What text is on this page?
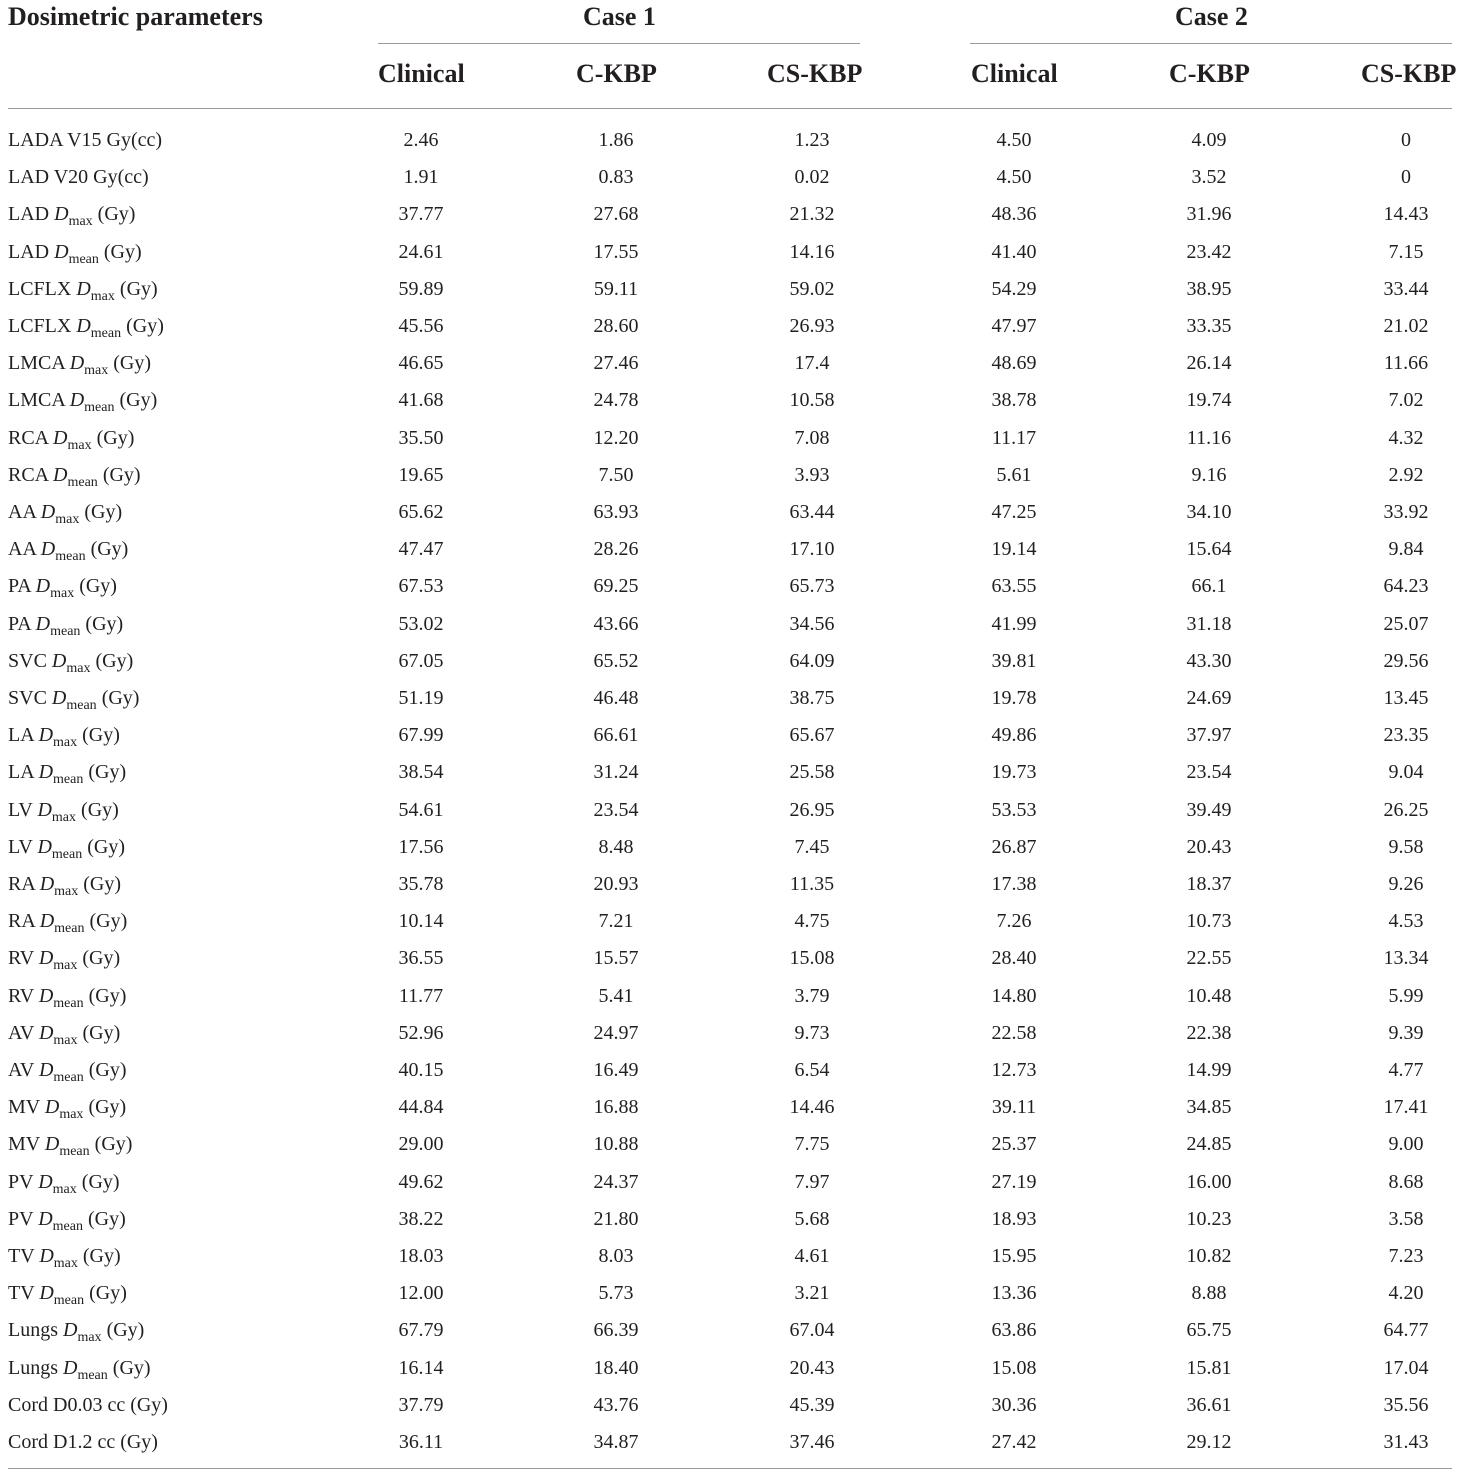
Dosimetric parameters	Case 1	Case 2
Clinical	C-KBP	CS-KBP	Clinical	C-KBP	CS-KBP
LADA V15 Gy(cc)	2.46	1.86	1.23	4.50	4.09	0
LAD V20 Gy(cc)	1.91	0.83	0.02	4.50	3.52	0
LAD $D_{max}$ (Gy)	37.77	27.68	21.32	48.36	31.96	14.43
LAD $D_{mean}$ (Gy)	24.61	17.55	14.16	41.40	23.42	7.15
LCFLX $D_{max}$ (Gy)	59.89	59.11	59.02	54.29	38.95	33.44
LCFLX $D_{mean}$ (Gy)	45.56	28.60	26.93	47.97	33.35	21.02
LMCA $D_{max}$ (Gy)	46.65	27.46	17.4	48.69	26.14	11.66
LMCA $D_{mean}$ (Gy)	41.68	24.78	10.58	38.78	19.74	7.02
RCA $D_{max}$ (Gy)	35.50	12.20	7.08	11.17	11.16	4.32
RCA $D_{mean}$ (Gy)	19.65	7.50	3.93	5.61	9.16	2.92
AA $D_{max}$ (Gy)	65.62	63.93	63.44	47.25	34.10	33.92
AA $D_{mean}$ (Gy)	47.47	28.26	17.10	19.14	15.64	9.84
PA $D_{max}$ (Gy)	67.53	69.25	65.73	63.55	66.1	64.23
PA $D_{mean}$ (Gy)	53.02	43.66	34.56	41.99	31.18	25.07
SVC $D_{max}$ (Gy)	67.05	65.52	64.09	39.81	43.30	29.56
SVC $D_{mean}$ (Gy)	51.19	46.48	38.75	19.78	24.69	13.45
LA $D_{max}$ (Gy)	67.99	66.61	65.67	49.86	37.97	23.35
LA $D_{mean}$ (Gy)	38.54	31.24	25.58	19.73	23.54	9.04
LV $D_{max}$ (Gy)	54.61	23.54	26.95	53.53	39.49	26.25
LV $D_{mean}$ (Gy)	17.56	8.48	7.45	26.87	20.43	9.58
RA $D_{max}$ (Gy)	35.78	20.93	11.35	17.38	18.37	9.26
RA $D_{mean}$ (Gy)	10.14	7.21	4.75	7.26	10.73	4.53
RV $D_{max}$ (Gy)	36.55	15.57	15.08	28.40	22.55	13.34
RV $D_{mean}$ (Gy)	11.77	5.41	3.79	14.80	10.48	5.99
AV $D_{max}$ (Gy)	52.96	24.97	9.73	22.58	22.38	9.39
AV $D_{mean}$ (Gy)	40.15	16.49	6.54	12.73	14.99	4.77
MV $D_{max}$ (Gy)	44.84	16.88	14.46	39.11	34.85	17.41
MV $D_{mean}$ (Gy)	29.00	10.88	7.75	25.37	24.85	9.00
PV $D_{max}$ (Gy)	49.62	24.37	7.97	27.19	16.00	8.68
PV $D_{mean}$ (Gy)	38.22	21.80	5.68	18.93	10.23	3.58
TV $D_{max}$ (Gy)	18.03	8.03	4.61	15.95	10.82	7.23
TV $D_{mean}$ (Gy)	12.00	5.73	3.21	13.36	8.88	4.20
Lungs $D_{max}$ (Gy)	67.79	66.39	67.04	63.86	65.75	64.77
Lungs $D_{mean}$ (Gy)	16.14	18.40	20.43	15.08	15.81	17.04
Cord D0.03 cc (Gy)	37.79	43.76	45.39	30.36	36.61	35.56
Cord D1.2 cc (Gy)	36.11	34.87	37.46	27.42	29.12	31.43
